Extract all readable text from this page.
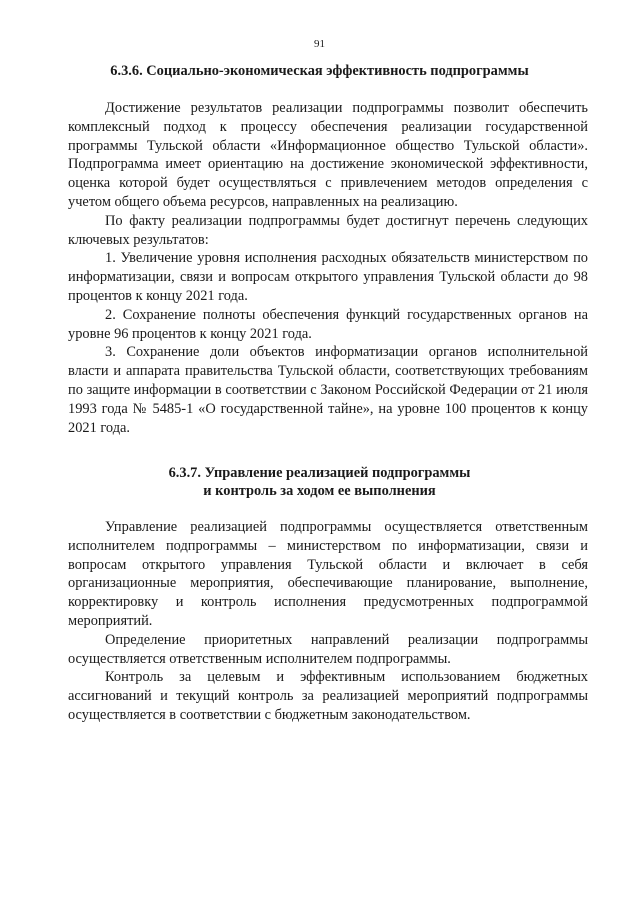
91
6.3.6. Социально-экономическая эффективность подпрограммы

Достижение результатов реализации подпрограммы позволит обеспечить комплексный подход к процессу обеспечения реализации государственной программы Тульской области «Информационное общество Тульской области». Подпрограмма имеет ориентацию на достижение экономической эффективности, оценка которой будет осуществляться с привлечением методов определения с учетом общего объема ресурсов, направленных на реализацию.

По факту реализации подпрограммы будет достигнут перечень следующих ключевых результатов:

1. Увеличение уровня исполнения расходных обязательств министерством по информатизации, связи и вопросам открытого управления Тульской области до 98 процентов к концу 2021 года.

2. Сохранение полноты обеспечения функций государственных органов на уровне 96 процентов к концу 2021 года.

3. Сохранение доли объектов информатизации органов исполнительной власти и аппарата правительства Тульской области, соответствующих требованиям по защите информации в соответствии с Законом Российской Федерации от 21 июля 1993 года № 5485-1 «О государственной тайне», на уровне 100 процентов к концу 2021 года.

6.3.7. Управление реализацией подпрограммы
и контроль за ходом ее выполнения

Управление реализацией подпрограммы осуществляется ответственным исполнителем подпрограммы – министерством по информатизации, связи и вопросам открытого управления Тульской области и включает в себя организационные мероприятия, обеспечивающие планирование, выполнение, корректировку и контроль исполнения предусмотренных подпрограммой мероприятий.

Определение приоритетных направлений реализации подпрограммы осуществляется ответственным исполнителем подпрограммы.

Контроль за целевым и эффективным использованием бюджетных ассигнований и текущий контроль за реализацией мероприятий подпрограммы осуществляется в соответствии с бюджетным законодательством.
